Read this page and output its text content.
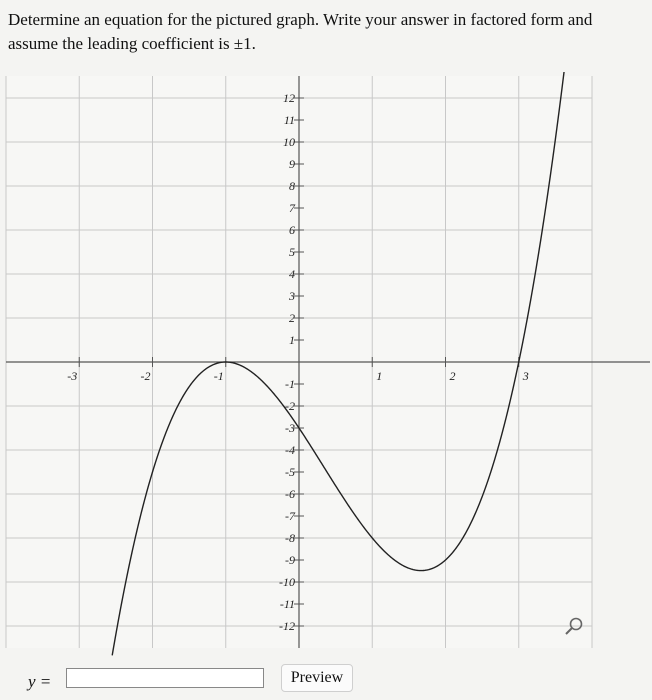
Determine an equation for the pictured graph. Write your answer in factored form and
assume the leading coefficient is ±1.
12
11
10
9
8
7
6
5
4
3
2
1
-1
-2
-3
-4
-5
-6
-7
-8
-9
-10
-11
-12
-3	-2	-1	1	2	3
y =	Preview
